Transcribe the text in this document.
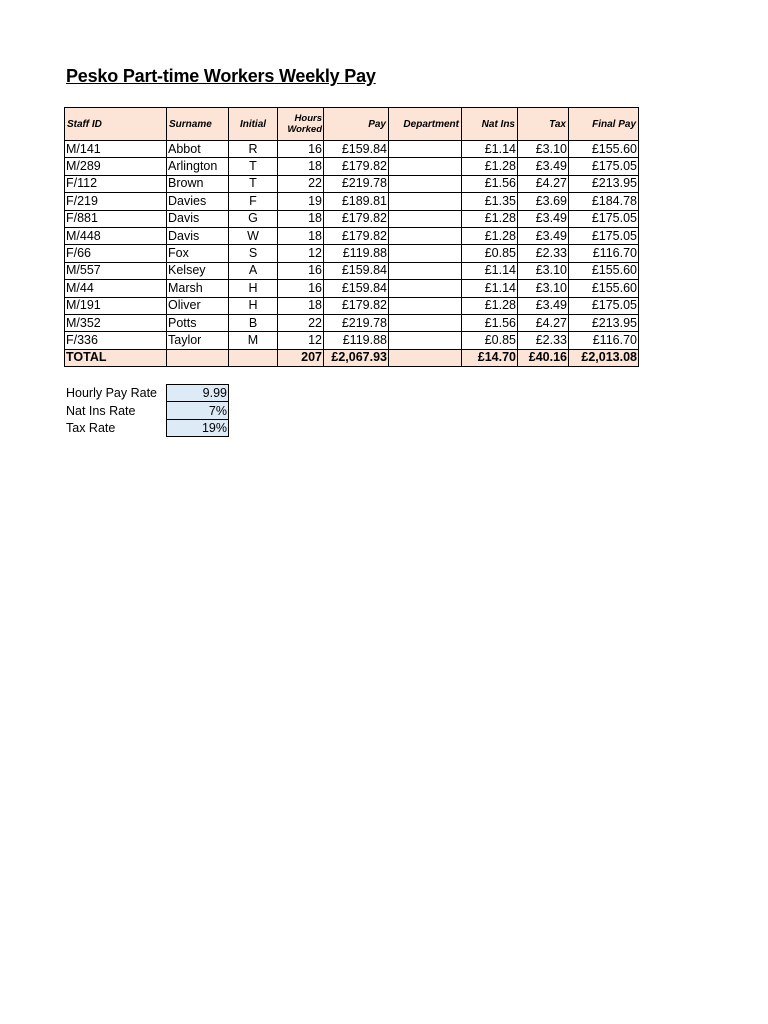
Pesko Part-time Workers Weekly Pay
Staff ID	Surname	Initial	Hours
Worked	Pay	Department	Nat Ins	Tax	Final Pay
M/141	Abbot	R	16	£159.84		£1.14	£3.10	£155.60
M/289	Arlington	T	18	£179.82		£1.28	£3.49	£175.05
F/112	Brown	T	22	£219.78		£1.56	£4.27	£213.95
F/219	Davies	F	19	£189.81		£1.35	£3.69	£184.78
F/881	Davis	G	18	£179.82		£1.28	£3.49	£175.05
M/448	Davis	W	18	£179.82		£1.28	£3.49	£175.05
F/66	Fox	S	12	£119.88		£0.85	£2.33	£116.70
M/557	Kelsey	A	16	£159.84		£1.14	£3.10	£155.60
M/44	Marsh	H	16	£159.84		£1.14	£3.10	£155.60
M/191	Oliver	H	18	£179.82		£1.28	£3.49	£175.05
M/352	Potts	B	22	£219.78		£1.56	£4.27	£213.95
F/336	Taylor	M	12	£119.88		£0.85	£2.33	£116.70
TOTAL			207	£2,067.93		£14.70	£40.16	£2,013.08
Hourly Pay Rate	9.99
Nat Ins Rate	7%
Tax Rate	19%
